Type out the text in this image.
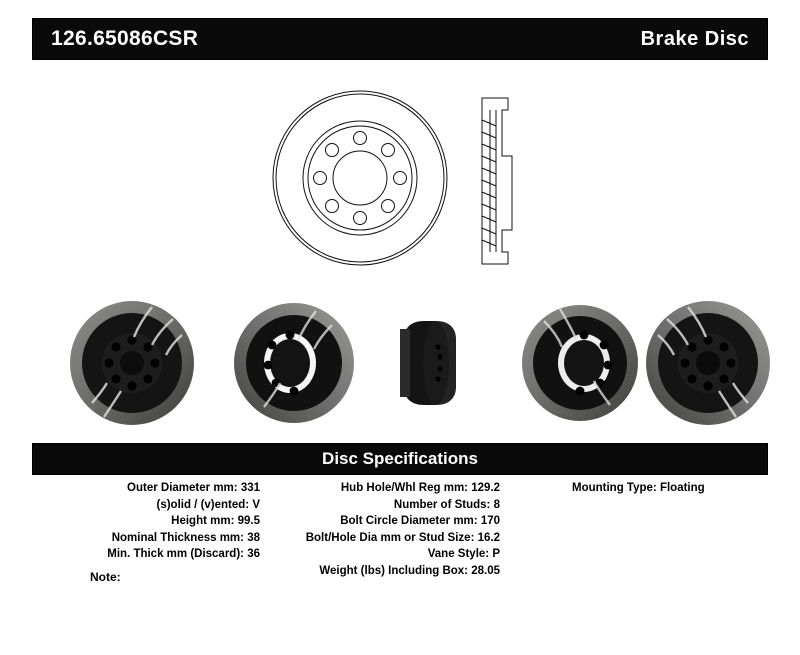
126.65086CSR	Brake Disc
Disc Specifications
Outer Diameter mm: 331
(s)olid / (v)ented: V
Height mm: 99.5
Nominal Thickness mm: 38
Min. Thick mm (Discard): 36
Hub Hole/Whl Reg mm: 129.2
Number of Studs: 8
Bolt Circle Diameter mm: 170
Bolt/Hole Dia mm or Stud Size: 16.2
Vane Style: P
Weight (lbs) Including Box: 28.05
Mounting Type: Floating
Note:
